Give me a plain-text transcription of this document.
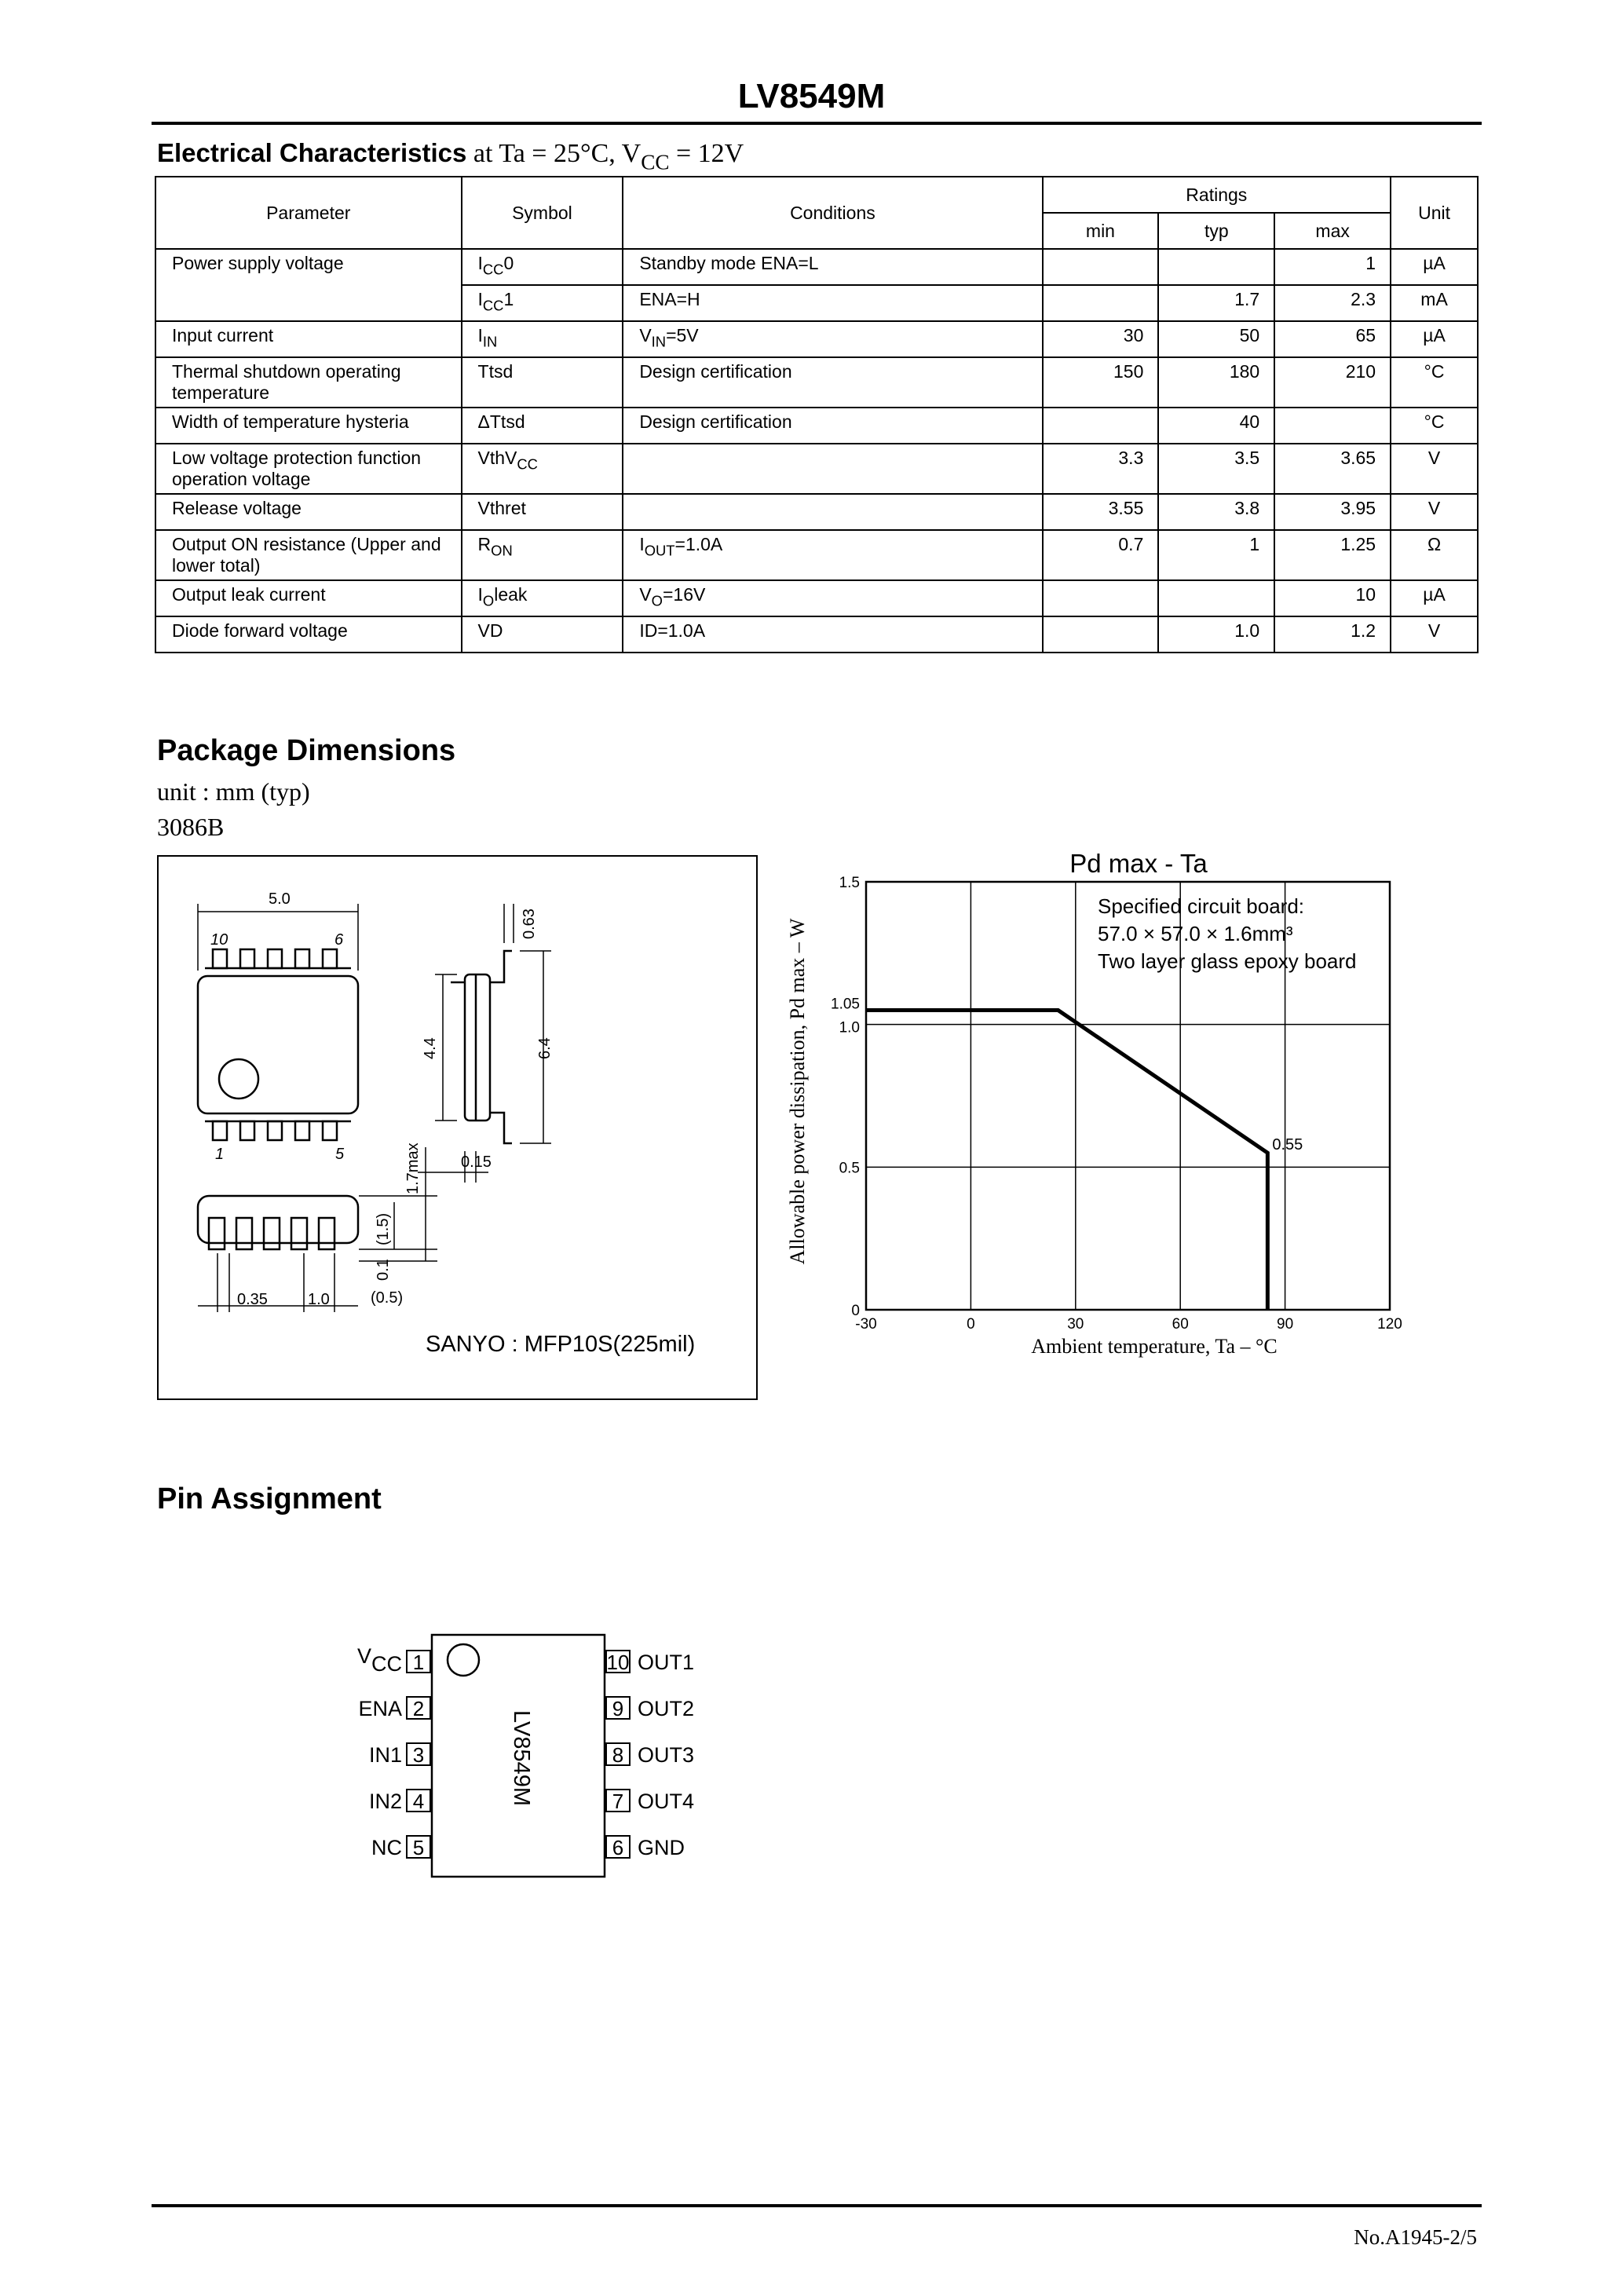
LV8549M
Electrical Characteristics at Ta = 25°C, $V_{CC} = 12V$
Parameter	Symbol	Conditions	Ratings			Unit
			min	typ	max	
Power supply voltage	$I_{CC}0$	Standby mode ENA=L			1	µA
	$I_{CC}1$	ENA=H		1.7	2.3	mA
Input current	$I_{IN}$	$V_{IN}=5V$	30	50	65	µA
Thermal shutdown operating temperature	Ttsd	Design certification	150	180	210	°C
Width of temperature hysteria	ΔTtsd	Design certification		40		°C
Low voltage protection function operation voltage	VthV$_{CC}$		3.3	3.5	3.65	V
Release voltage	Vthret		3.55	3.8	3.95	V
Output ON resistance (Upper and lower total)	$R_{ON}$	$I_{OUT}=1.0A$	0.7	1	1.25	Ω
Output leak current	$I_Oleak$	$V_O=16V$			10	µA
Diode forward voltage	VD	ID=1.0A		1.0	1.2	V
Package Dimensions
unit : mm (typ)
3086B
5.0
10	6
1	5
4.4	6.4
0.63
0.15
1.7max
(1.5)
0.1
0.35	1.0	(0.5)
SANYO : MFP10S(225mil)
Pd max - Ta
0
0.5
1.0
1.05
1.5
-30	0	30	60	90	120
0.55
Specified circuit board:
57.0 × 57.0 × 1.6mm³
Two layer glass epoxy board
Ambient temperature, Ta – °C
Allowable power dissipation, Pd max – W
Pin Assignment
LV8549M
1
VCC
2
ENA
3
IN1
4
IN2
5
NC
10 OUT1
9 OUT2
8 OUT3
7 OUT4
6 GND
No.A1945-2/5
